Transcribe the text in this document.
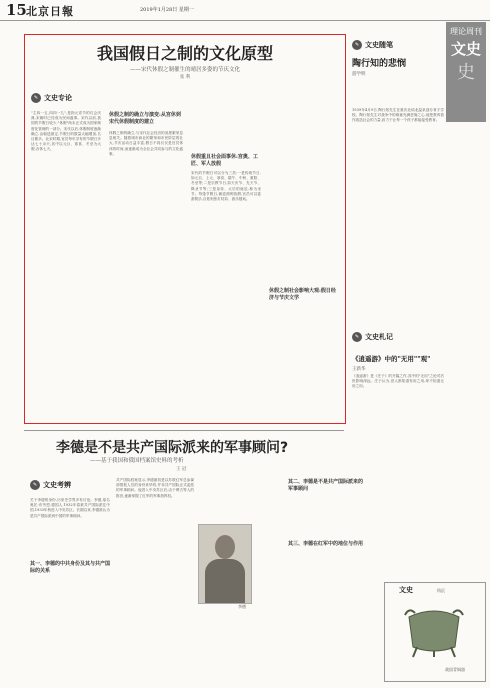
15 北京日報	2019年1月28日 星期一
理论周刊
文史
史
我国假日之制的文化原型
——宋代休假之制催生的晴居多姿的节庆文化
张 利
✎ 文史专论
"主四一五,四四一九",是指元宵节的灯会庆典,宋朝时已经成为民间盛事。宋代以前,我国的节假日较少,"休假"尚未正式成为国家制度化管理的一部分。宋代以后,休假制度逐渐确立,由朝廷颁定,节假日的数量大幅增加,名目繁多。北宋时期,官员每年享有的节假日多达七十余天,其中以元旦、寒食、冬至为大假,各休七天。
休假之制的确立与演变:从宫休到宋代休假制度的建立
休假之制的确立,与宋代社会经济的高度繁荣息息相关。随着城市商业的繁荣和市民阶层的壮大,节庆活动日益丰富,假日不再仅仅是官员休沐的时间,而逐渐成为全社会共同参与的文化盛事。
休假重且社会面事休:宫奥、工匠、军人放假
宋代的节假日可以分为三类:一是传统节日,如元旦、上元、寒食、端午、中秋、重阳、冬至等;二是宗教节日,如天庆节、先天节、降圣节等;三是皇帝、太后的诞辰,称为圣节。每逢节假日,朝廷照例放假,官员可以宴游娱乐,百姓则张灯结彩、游乐嬉戏。
休假之制社会影响大观:假日经济与节庆文学
✎ 文史随笔
陶行知的悲悯
游学明
1939年4月9日,陶行知先生在重庆北碚北温泉创办育才学校。陶行知先生对战争中的难童充满悲悯之心,他把教育看作改造社会的力量,致力于让每一个孩子都能接受教育。
✎ 文史札记
《逍遥游》中的"无用""观"
王新华
《逍遥游》是《庄子》的开篇之作,其中的"无用"之论对后世影响深远。庄子认为,世人都知道有用之用,却不知道无用之用。
李德是不是共产国际派来的军事顾问?
——基于我国和俄国档案馆史料的考析
王 冠
✎ 文史考辨
关于李德的身份,历来史学界多有讨论。李德,原名奥托·布劳恩,德国人,1932年春被共产国际派往中国,1933年秋进入中央苏区。长期以来,李德被认为是共产国际派到中国的军事顾问。
其一、李德的中共身份及其与共产国际的关系
共产国际档案显示,李德最初是以苏联红军总参谋部情报人员的身份来华的,并非共产国际正式委派的军事顾问。他进入中央苏区后,由于博古等人的推崇,逐渐掌握了红军的军事指挥权。
其二、李德是不是共产国际派来的军事顾问
其三、李德在红军中的地位与作用
李德
文史	钩沉
战国青铜器
